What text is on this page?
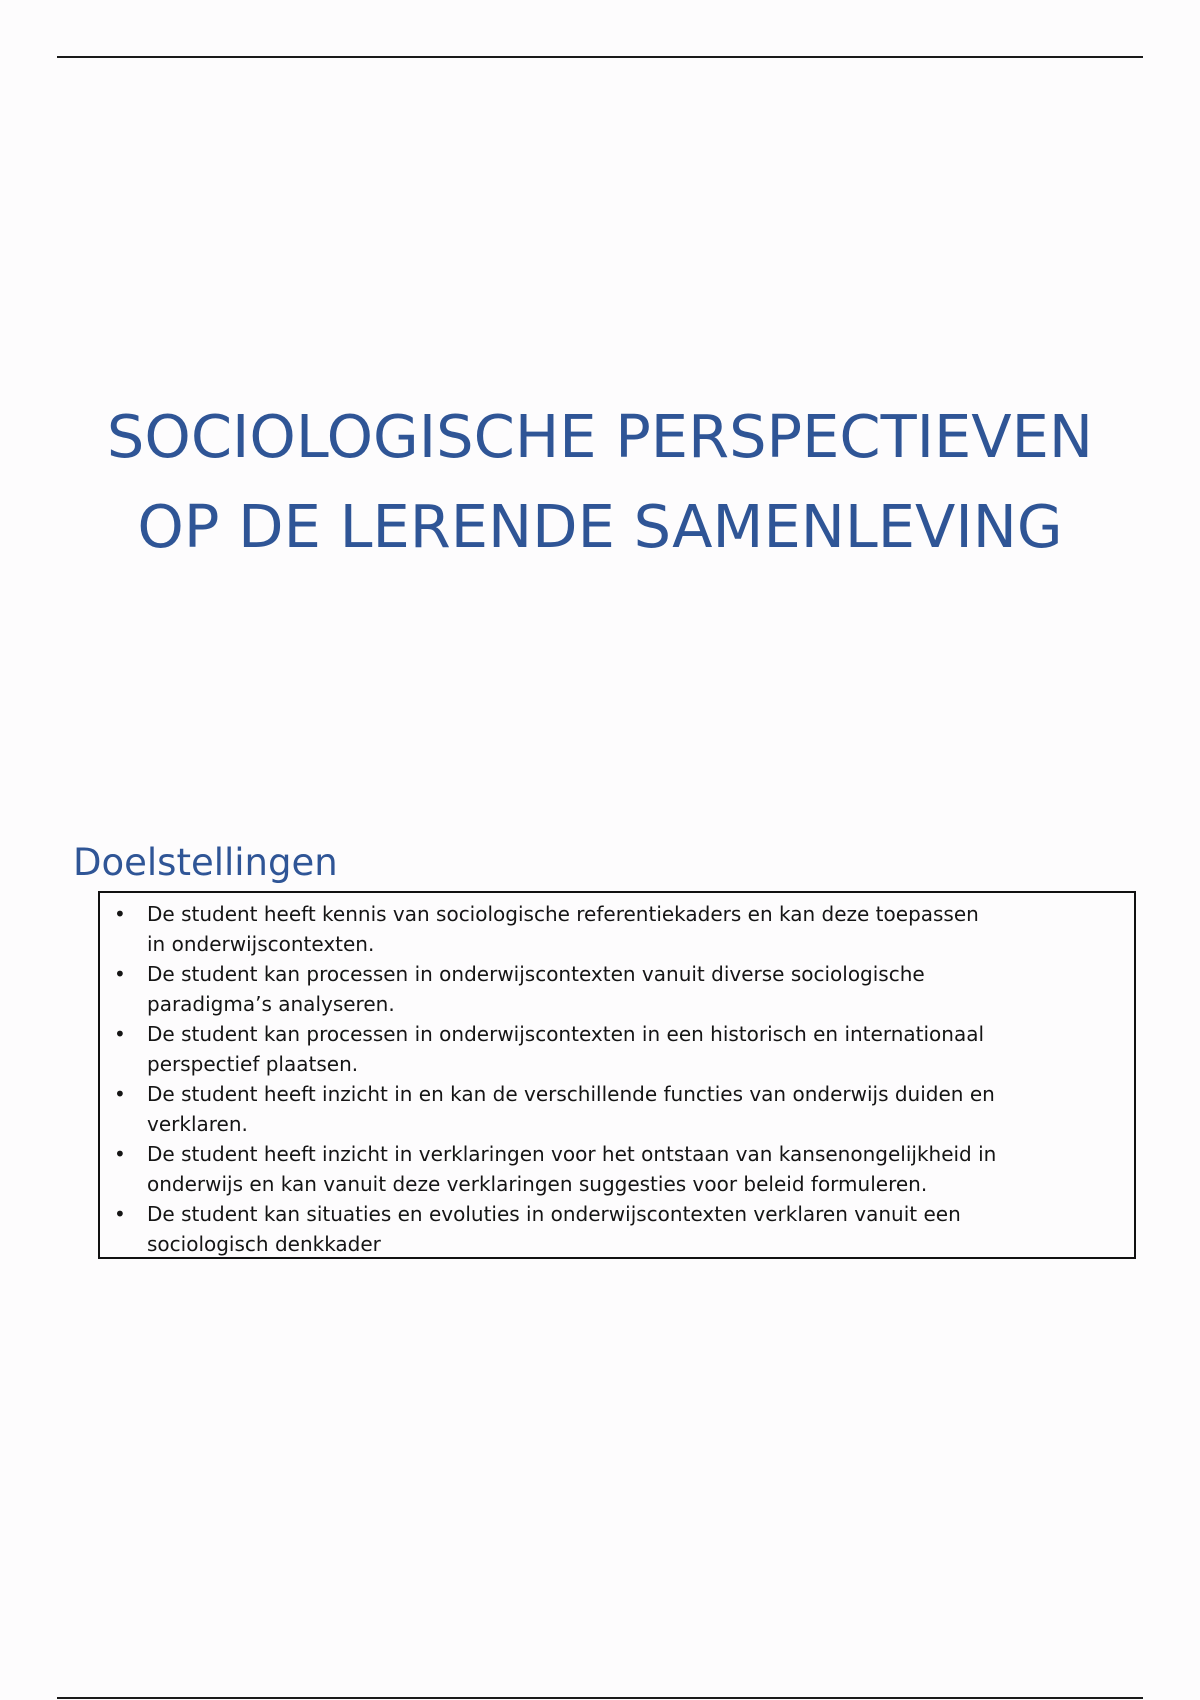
SOCIOLOGISCHE PERSPECTIEVEN
OP DE LERENDE SAMENLEVING
Doelstellingen
• De student heeft kennis van sociologische referentiekaders en kan deze toepassen in onderwijscontexten.
• De student kan processen in onderwijscontexten vanuit diverse sociologische paradigma’s analyseren.
• De student kan processen in onderwijscontexten in een historisch en internationaal perspectief plaatsen.
• De student heeft inzicht in en kan de verschillende functies van onderwijs duiden en verklaren.
• De student heeft inzicht in verklaringen voor het ontstaan van kansenongelijkheid in onderwijs en kan vanuit deze verklaringen suggesties voor beleid formuleren.
• De student kan situaties en evoluties in onderwijscontexten verklaren vanuit een sociologisch denkkader
